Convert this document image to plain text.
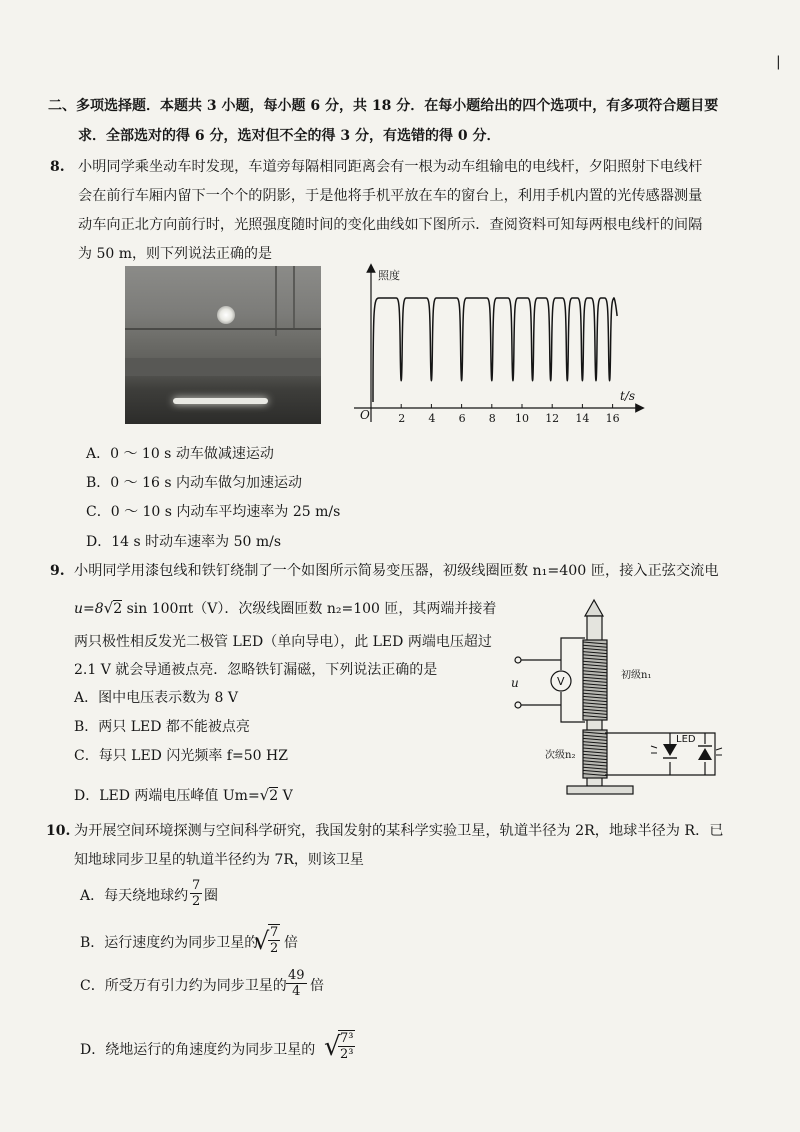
|
二、多项选择题．本题共 3 小题，每小题 6 分，共 18 分．在每小题给出的四个选项中，有多项符合题目要
求．全部选对的得 6 分，选对但不全的得 3 分，有选错的得 0 分．
8. 小明同学乘坐动车时发现，车道旁每隔相同距离会有一根为动车组输电的电线杆，夕阳照射下电线杆
会在前行车厢内留下一个个的阴影，于是他将手机平放在车的窗台上，利用手机内置的光传感器测量
动车向正北方向前行时，光照强度随时间的变化曲线如下图所示．查阅资料可知每两根电线杆的间隔
为 50 m，则下列说法正确的是
照度
t/s
O	2 4 6 8 10 12 14 16
A．0 ～ 10 s 动车做减速运动
B．0 ～ 16 s 内动车做匀加速运动
C．0 ～ 10 s 内动车平均速率为 25 m/s
D．14 s 时动车速率为 50 m/s
9. 小明同学用漆包线和铁钉绕制了一个如图所示简易变压器，初级线圈匝数 n₁=400 匝，接入正弦交流电
u=8√2 sin 100πt（V）．次级线圈匝数 n₂=100 匝，其两端并接着
两只极性相反发光二极管 LED（单向导电），此 LED 两端电压超过
2.1 V 就会导通被点亮．忽略铁钉漏磁，下列说法正确的是
A．图中电压表示数为 8 V
B．两只 LED 都不能被点亮
C．每只 LED 闪光频率 f=50 HZ
D．LED 两端电压峰值 Um=√2 V
V
u
初级n₁
次级n₂
LED
10. 为开展空间环境探测与空间科学研究，我国发射的某科学实验卫星，轨道半径为 2R，地球半径为 R．已
知地球同步卫星的轨道半径约为 7R，则该卫星
A．每天绕地球约 $\frac{7}{2}$ 圈
B．运行速度约为同步卫星的
√
$\frac{7}{2}$ 倍
C．所受万有引力约为同步卫星的 $\frac{49}{4}$ 倍
D．绕地运行的角速度约为同步卫星的 √
$\frac{\text{7³}}{\text{2³}}$
